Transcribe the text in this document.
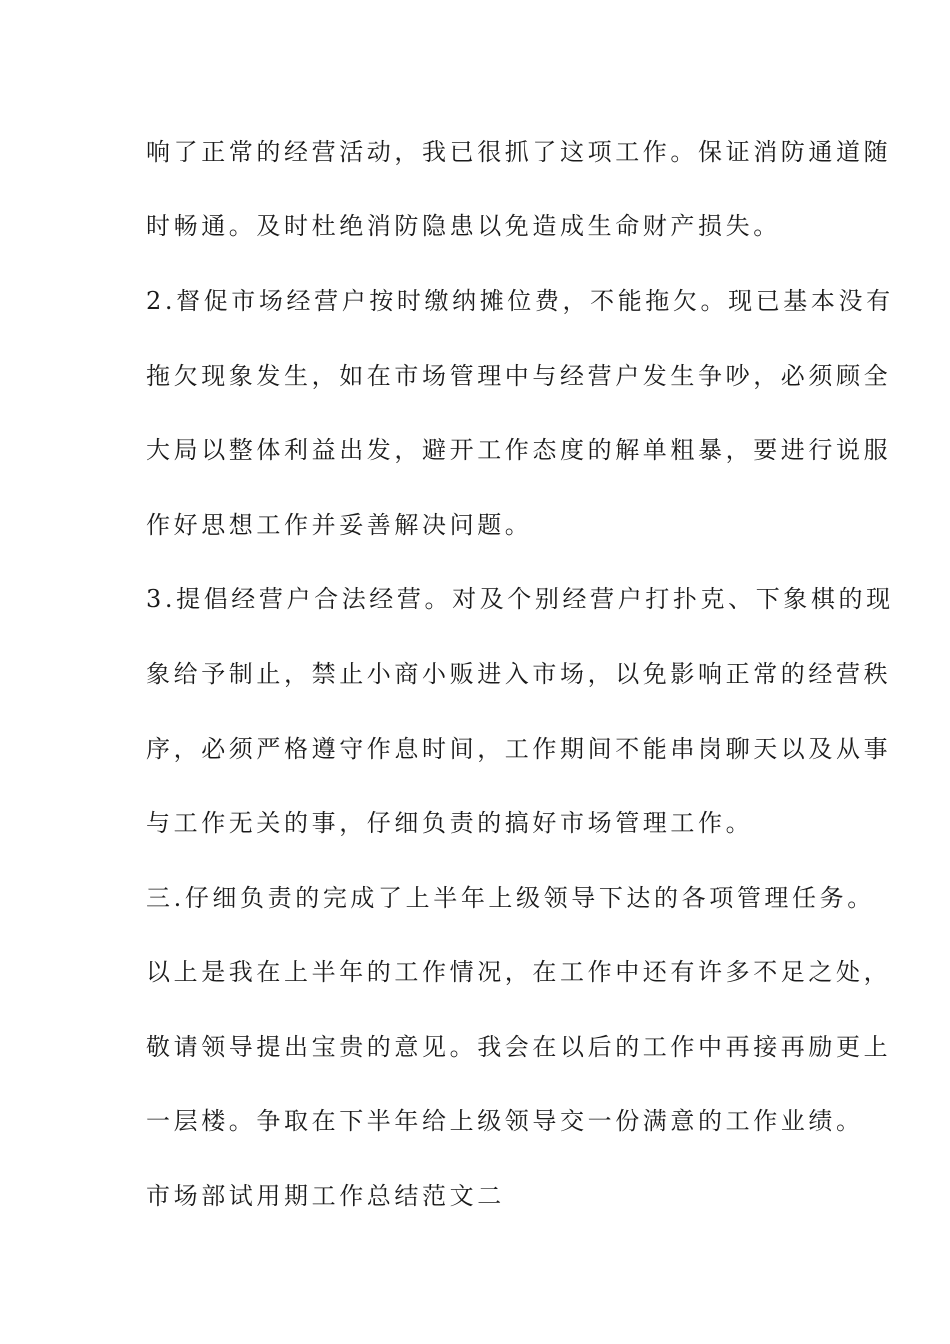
响了正常的经营活动，我已很抓了这项工作。保证消防通道随
时畅通。及时杜绝消防隐患以免造成生命财产损失。
2.督促市场经营户按时缴纳摊位费，不能拖欠。现已基本没有
拖欠现象发生，如在市场管理中与经营户发生争吵，必须顾全
大局以整体利益出发，避开工作态度的解单粗暴，要进行说服
作好思想工作并妥善解决问题。
3.提倡经营户合法经营。对及个别经营户打扑克、下象棋的现
象给予制止，禁止小商小贩进入市场，以免影响正常的经营秩
序，必须严格遵守作息时间，工作期间不能串岗聊天以及从事
与工作无关的事，仔细负责的搞好市场管理工作。
三.仔细负责的完成了上半年上级领导下达的各项管理任务。
以上是我在上半年的工作情况，在工作中还有许多不足之处，
敬请领导提出宝贵的意见。我会在以后的工作中再接再励更上
一层楼。争取在下半年给上级领导交一份满意的工作业绩。
市场部试用期工作总结范文二
